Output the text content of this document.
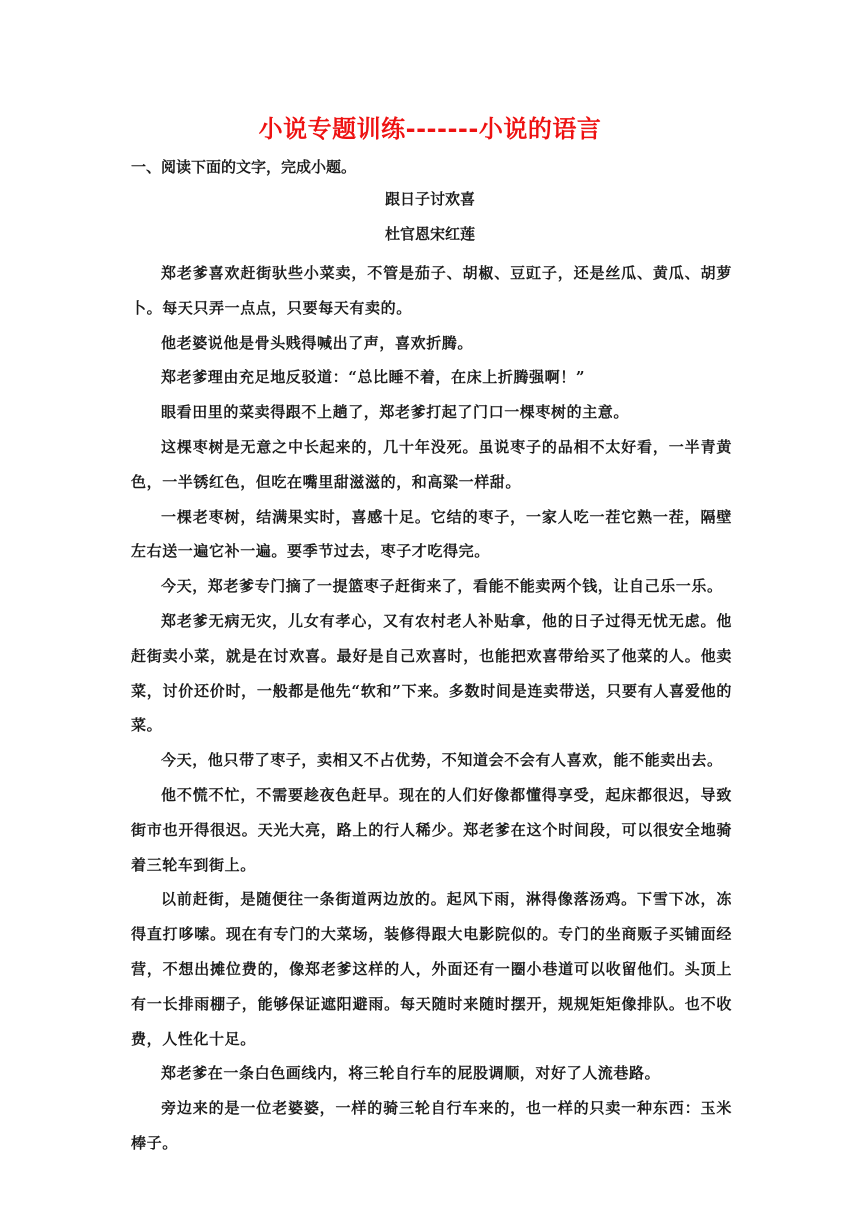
小说专题训练-------小说的语言
一、阅读下面的文字，完成小题。
跟日子讨欢喜
杜官恩宋红莲

郑老爹喜欢赶街驮些小菜卖，不管是茄子、胡椒、豆豇子，还是丝瓜、黄瓜、胡萝卜。每天只弄一点点，只要每天有卖的。

他老婆说他是骨头贱得喊出了声，喜欢折腾。

郑老爹理由充足地反驳道：“总比睡不着，在床上折腾强啊！”

眼看田里的菜卖得跟不上趟了，郑老爹打起了门口一棵枣树的主意。

这棵枣树是无意之中长起来的，几十年没死。虽说枣子的品相不太好看，一半青黄色，一半锈红色，但吃在嘴里甜滋滋的，和高粱一样甜。

一棵老枣树，结满果实时，喜感十足。它结的枣子，一家人吃一茬它熟一茬，隔壁左右送一遍它补一遍。要季节过去，枣子才吃得完。

今天，郑老爹专门摘了一提篮枣子赶街来了，看能不能卖两个钱，让自己乐一乐。

郑老爹无病无灾，儿女有孝心，又有农村老人补贴拿，他的日子过得无忧无虑。他赶街卖小菜，就是在讨欢喜。最好是自己欢喜时，也能把欢喜带给买了他菜的人。他卖菜，讨价还价时，一般都是他先“软和”下来。多数时间是连卖带送，只要有人喜爱他的菜。

今天，他只带了枣子，卖相又不占优势，不知道会不会有人喜欢，能不能卖出去。

他不慌不忙，不需要趁夜色赶早。现在的人们好像都懂得享受，起床都很迟，导致街市也开得很迟。天光大亮，路上的行人稀少。郑老爹在这个时间段，可以很安全地骑着三轮车到街上。

以前赶街，是随便往一条街道两边放的。起风下雨，淋得像落汤鸡。下雪下冰，冻得直打哆嗦。现在有专门的大菜场，装修得跟大电影院似的。专门的坐商贩子买铺面经营，不想出摊位费的，像郑老爹这样的人，外面还有一圈小巷道可以收留他们。头顶上有一长排雨棚子，能够保证遮阳避雨。每天随时来随时摆开，规规矩矩像排队。也不收费，人性化十足。

郑老爹在一条白色画线内，将三轮自行车的屁股调顺，对好了人流巷路。

旁边来的是一位老婆婆，一样的骑三轮自行车来的，也一样的只卖一种东西：玉米棒子。
